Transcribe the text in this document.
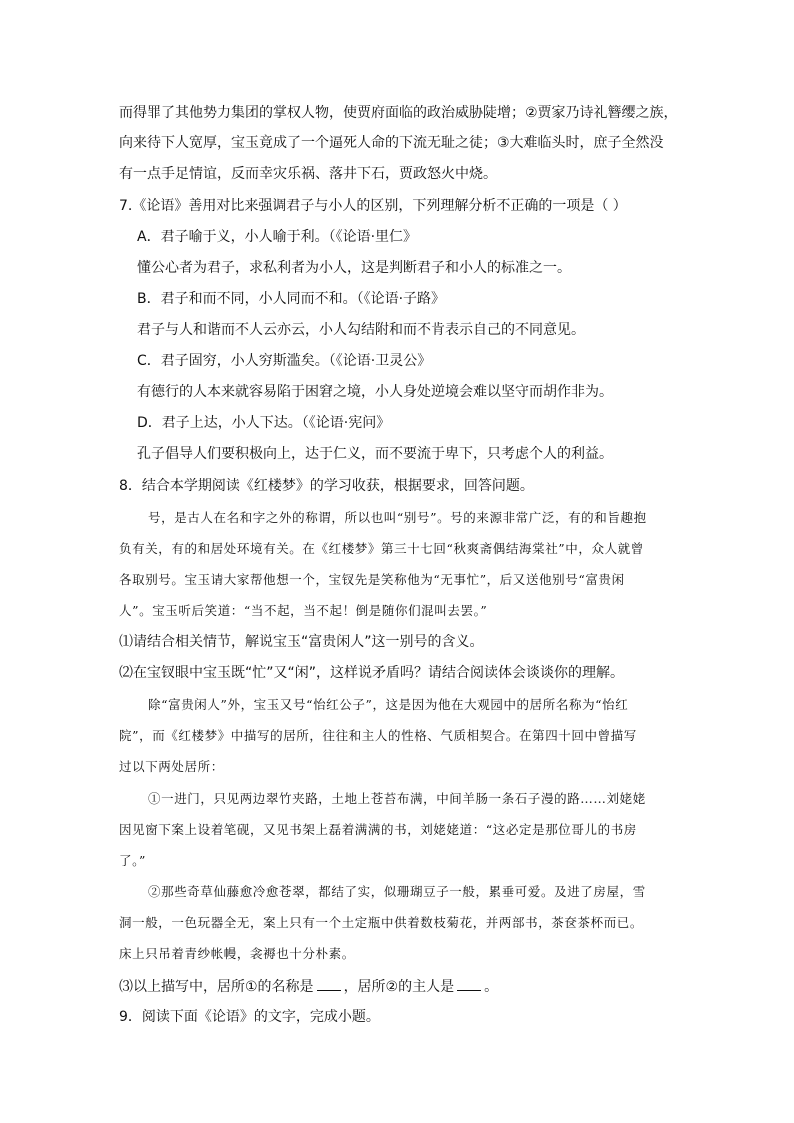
而得罪了其他势力集团的掌权人物，使贾府面临的政治威胁陡增；②贾家乃诗礼簪缨之族，
向来待下人宽厚，宝玉竟成了一个逼死人命的下流无耻之徒；③大难临头时，庶子全然没
有一点手足情谊，反而幸灾乐祸、落井下石，贾政怒火中烧。
7.《论语》善用对比来强调君子与小人的区别，下列理解分析不正确的一项是（ ）
A．君子喻于义，小人喻于利。（《论语·里仁》
懂公心者为君子，求私利者为小人，这是判断君子和小人的标准之一。
B．君子和而不同，小人同而不和。（《论语·子路》
君子与人和谐而不人云亦云，小人勾结附和而不肯表示自己的不同意见。
C．君子固穷，小人穷斯滥矣。（《论语·卫灵公》
有德行的人本来就容易陷于困窘之境，小人身处逆境会难以坚守而胡作非为。
D．君子上达，小人下达。（《论语·宪问》
孔子倡导人们要积极向上，达于仁义，而不要流于卑下，只考虑个人的利益。
8．结合本学期阅读《红楼梦》的学习收获，根据要求，回答问题。
号，是古人在名和字之外的称谓，所以也叫“别号”。号的来源非常广泛，有的和旨趣抱
负有关，有的和居处环境有关。在《红楼梦》第三十七回“秋爽斋偶结海棠社”中，众人就曾
各取别号。宝玉请大家帮他想一个，宝钗先是笑称他为“无事忙”，后又送他别号“富贵闲
人”。宝玉听后笑道：“当不起，当不起！倒是随你们混叫去罢。”
⑴请结合相关情节，解说宝玉“富贵闲人”这一别号的含义。
⑵在宝钗眼中宝玉既“忙”又“闲”，这样说矛盾吗？请结合阅读体会谈谈你的理解。
除“富贵闲人”外，宝玉又号“怡红公子”，这是因为他在大观园中的居所名称为“怡红
院”，而《红楼梦》中描写的居所，往往和主人的性格、气质相契合。在第四十回中曾描写
过以下两处居所：
①一进门，只见两边翠竹夹路，土地上苍苔布满，中间羊肠一条石子漫的路……刘姥姥
因见窗下案上设着笔砚，又见书架上磊着满满的书，刘姥姥道：“这必定是那位哥儿的书房
了。”
②那些奇草仙藤愈冷愈苍翠，都结了实，似珊瑚豆子一般，累垂可爱。及进了房屋，雪
洞一般，一色玩器全无，案上只有一个土定瓶中供着数枝菊花，并两部书，茶奁茶杯而已。
床上只吊着青纱帐幔，衾褥也十分朴素。
⑶以上描写中，居所①的名称是 ，居所②的主人是 。
9．阅读下面《论语》的文字，完成小题。
